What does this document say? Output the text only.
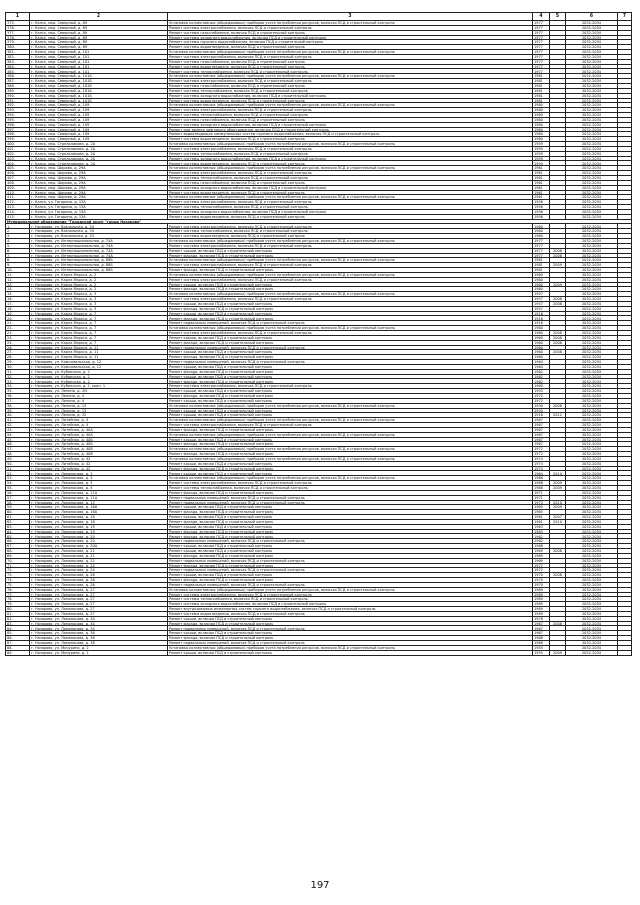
1	2	3	4	5	6	7
375.	г. Канск, мкр. Северный, д. 89	Установка коллективных (общедомовых) приборов учета потребления ресурсов, включая ПСД и строительный контроль	1977		2032-2034	
376.	г. Канск, мкр. Северный, д. 89	Ремонт системы электроснабжения, включая ПСД и строительный контроль	1977		2032-2034	
377.	г. Канск, мкр. Северный, д. 89	Ремонт системы газоснабжения, включая ПСД и строительный контроль	1977		2032-2034	
378.	г. Канск, мкр. Северный, д. 89	Ремонт системы холодного водоснабжения, включая ПСД и строительный контроль	1977		2032-2034	
379.	г. Канск, мкр. Северный, д. 89	Ремонт системы горячего водоснабжения, включая ПСД и строительный контроль	1977		2032-2034	
380.	г. Канск, мкр. Северный, д. 89	Ремонт системы водоотведения, включая ПСД и строительный контроль	1977		2032-2034	
381.	г. Канск, мкр. Северный, д. 101	Установка коллективных (общедомовых) приборов учета потребления ресурсов, включая ПСД и строительный контроль	1977		2032-2034	
382.	г. Канск, мкр. Северный, д. 101	Ремонт системы электроснабжения, включая ПСД и строительный контроль	1977		2032-2034	
383.	г. Канск, мкр. Северный, д. 101	Ремонт системы газоснабжения, включая ПСД и строительный контроль	1977		2032-2034	
384.	г. Канск, мкр. Северный, д. 101	Ремонт системы водоотведения, включая ПСД и строительный контроль	1977		2032-2034	
385.	г. Канск, мкр. Северный, д. 101	Ремонт системы теплоснабжения, включая ПСД и строительный контроль	1977		2032-2034	
386.	г. Канск, мкр. Северный, д. 101Б	Установка коллективных (общедомовых) приборов учета потребления ресурсов, включая ПСД и строительный контроль	1981		2032-2034	
387.	г. Канск, мкр. Северный, д. 101Б	Ремонт системы электроснабжения, включая ПСД и строительный контроль	1981		2032-2034	
388.	г. Канск, мкр. Северный, д. 101Б	Ремонт системы газоснабжения, включая ПСД и строительный контроль	1981		2032-2034	
389.	г. Канск, мкр. Северный, д. 101Б	Ремонт системы теплоснабжения, включая ПСД и строительный контроль	1981		2032-2034	
390.	г. Канск, мкр. Северный, д. 101Б	Ремонт системы холодного водоснабжения, включая ПСД и строительный контроль	1981		2032-2034	
391.	г. Канск, мкр. Северный, д. 101Б	Ремонт системы водоотведения, включая ПСД и строительный контроль	1981		2032-2034	
392.	г. Канск, мкр. Северный, д. 109	Установка коллективных (общедомовых) приборов учета потребления ресурсов, включая ПСД и строительный контроль	1980		2032-2034	
393.	г. Канск, мкр. Северный, д. 109	Ремонт системы электроснабжения, включая ПСД и строительный контроль	1980		2032-2034	
394.	г. Канск, мкр. Северный, д. 109	Ремонт системы теплоснабжения, включая ПСД и строительный контроль	1980		2032-2034	
395.	г. Канск, мкр. Северный, д. 109	Ремонт системы газоснабжения, включая ПСД и строительный контроль	1980		2032-2034	
396.	г. Канск, мкр. Северный, д. 109	Ремонт системы холодного водоснабжения, включая ПСД и строительный контроль	1980		2032-2034	
397.	г. Канск, мкр. Северный, д. 109	Ремонт или замена лифтового оборудования, включая ПСД и строительный контроль	1980		2032-2034	
398.	г. Канск, мкр. Северный, д. 109	Ремонт водоотводящих коммунальных систем горячего водоснабжения, включая ПСД и строительный контроль	1980		2032-2034	
399.	г. Канск, мкр. Северный, д. 109	Ремонт системы водоотведения, включая ПСД и строительный контроль	1980		2032-2034	
400.	г. Канск, мкр. Стрельникова, д. 2А	Установка коллективных (общедомовых) приборов учета потребления ресурсов, включая ПСД и строительный контроль	1959		2032-2034	
401.	г. Канск, мкр. Стрельникова, д. 2А	Ремонт системы электроснабжения, включая ПСД и строительный контроль	1959		2032-2034	
402.	г. Канск, мкр. Стрельникова, д. 2А	Ремонт системы теплоснабжения, включая ПСД и строительный контроль	1959		2032-2034	
403.	г. Канск, мкр. Стрельникова, д. 2А	Ремонт системы холодного водоснабжения, включая ПСД и строительный контроль	1959		2032-2034	
404.	г. Канск, мкр. Стрельникова, д. 2А	Ремонт системы водоотведения, включая ПСД и строительный контроль	1959		2032-2034	
405.	г. Канск, мкр. Шарова, д. 29А	Установка коллективных (общедомовых) приборов учета потребления ресурсов, включая ПСД и строительный контроль	1961		2032-2034	
406.	г. Канск, мкр. Шарова, д. 29А	Ремонт системы электроснабжения, включая ПСД и строительный контроль	1961		2032-2034	
407.	г. Канск, мкр. Шарова, д. 29А	Ремонт системы теплоснабжения, включая ПСД и строительный контроль	1961		2032-2034	
408.	г. Канск, мкр. Шарова, д. 29А	Ремонт системы газоснабжения, включая ПСД и строительный контроль	1961		2032-2034	
409.	г. Канск, мкр. Шарова, д. 29А	Ремонт системы холодного водоснабжения, включая ПСД и строительный контроль	1961		2032-2034	
410.	г. Канск, мкр. Шарова, д. 29А	Ремонт системы водоотведения, включая ПСД и строительный контроль	1961		2032-2034	
411.	г. Канск, мкр. Шарова, д. 29А	Установка коллективных (общедомовых) приборов учета потребления ресурсов, включая ПСД и строительный контроль	1961		2032-2034	
412.	г. Канск, ул. Гагарина, д. 13А	Ремонт системы электроснабжения, включая ПСД и строительный контроль	1956		2032-2034	
413.	г. Канск, ул. Гагарина, д. 13А	Ремонт системы теплоснабжения, включая ПСД и строительный контроль	1956		2032-2034	
414.	г. Канск, ул. Гагарина, д. 13А	Ремонт системы холодного водоснабжения, включая ПСД и строительный контроль	1956		2032-2034	
415.	г. Канск, ул. Гагарина, д. 13А	Ремонт системы водоотведения, включая ПСД и строительный контроль	1956		2032-2034	
Муниципальное образование "Городской округ "город Назарово"						
1.	г. Назарово, ул. Вокзальная, д. 54	Ремонт системы электроснабжения, включая ПСД и строительный контроль	1960		2032-2034	
2.	г. Назарово, ул. Вокзальная, д. 54	Ремонт системы теплоснабжения, включая ПСД и строительный контроль	1960		2032-2034	
3.	г. Назарово, ул. Вокзальная, д. 54	Ремонт системы водоотведения, включая ПСД и строительный контроль	1960		2032-2034	
4.	г. Назарово, ул. Интернациональная, д. 74А	Установка коллективных (общедомовых) приборов учета потребления ресурсов, включая ПСД и строительный контроль	1977		2032-2034	
5.	г. Назарово, ул. Интернациональная, д. 74А	Ремонт системы электроснабжения, включая ПСД и строительный контроль	1977		2032-2034	
6.	г. Назарово, ул. Интернациональная, д. 74А	Ремонт крыши, включая ПСД и строительный контроль	1977	2008	2032-2034	
7.	г. Назарово, ул. Интернациональная, д. 74А	Ремонт фасада, включая ПСД и строительный контроль	1977	2008	2032-2034	
8.	г. Назарово, ул. Интернациональная, д. 88Б	Установка коллективных (общедомовых) приборов учета потребления ресурсов, включая ПСД и строительный контроль	1981		2032-2034	
9.	г. Назарово, ул. Интернациональная, д. 88Б	Ремонт системы электроснабжения, включая ПСД и строительный контроль	1981	2009	2032-2034	
10.	г. Назарово, ул. Интернациональная, д. 88Б	Ремонт фасада, включая ПСД и строительный контроль	1981		2032-2034	
11.	г. Назарово, ул. Карла Маркса, д. 2	Установка коллективных (общедомовых) приборов учета потребления ресурсов, включая ПСД и строительный контроль	1960		2032-2034	
12.	г. Назарово, ул. Карла Маркса, д. 2	Ремонт системы электроснабжения, включая ПСД и строительный контроль	1960		2032-2034	
13.	г. Назарово, ул. Карла Маркса, д. 2	Ремонт крыши, включая ПСД и строительный контроль	1960	2009	2032-2034	
14.	г. Назарово, ул. Карла Маркса, д. 2	Ремонт фасада, включая ПСД и строительный контроль	1960		2032-2034	
15.	г. Назарово, ул. Карла Маркса, д. 3	Установка коллективных (общедомовых) приборов учета потребления ресурсов, включая ПСД и строительный контроль	1957		2032-2034	
16.	г. Назарово, ул. Карла Маркса, д. 3	Ремонт системы электроснабжения, включая ПСД и строительный контроль	1957	2008	2032-2034	
17.	г. Назарово, ул. Карла Маркса, д. 3	Ремонт крыши, включая ПСД и строительный контроль	1957	2008	2032-2034	
18.	г. Назарово, ул. Карла Маркса, д. 3	Ремонт фасада, включая ПСД и строительный контроль	1957		2032-2034	
19.	г. Назарово, ул. Карла Маркса, д. 7	Ремонт крыши, включая ПСД и строительный контроль	1916		2032-2034	
20.	г. Назарово, ул. Карла Маркса, д. 7	Ремонт фасада, включая ПСД и строительный контроль	1916		2032-2034	
21.	г. Назарово, ул. Карла Маркса, д. 7	Ремонт подвальных помещений, включая ПСД и строительный контроль	1916		2032-2034	
22.	г. Назарово, ул. Карла Маркса, д. 7	Установка коллективных (общедомовых) приборов учета потребления ресурсов, включая ПСД и строительный контроль	1960		2032-2034	
23.	г. Назарово, ул. Карла Маркса, д. 7	Ремонт системы электроснабжения, включая ПСД и строительный контроль	1960	2008	2032-2034	
24.	г. Назарово, ул. Карла Маркса, д. 7	Ремонт крыши, включая ПСД и строительный контроль	1960	2008	2032-2034	
25.	г. Назарово, ул. Карла Маркса, д. 7	Ремонт фасада, включая ПСД и строительный контроль	1960	2008	2032-2034	
26.	г. Назарово, ул. Карла Маркса, д. 11	Ремонт подвальных помещений, включая ПСД и строительный контроль	1960		2032-2034	
27.	г. Назарово, ул. Карла Маркса, д. 11	Ремонт крыши, включая ПСД и строительный контроль	1960	2008	2032-2034	
28.	г. Назарово, ул. Карла Маркса, д. 11	Ремонт фасада, включая ПСД и строительный контроль	1960		2032-2034	
29.	г. Назарово, ул. Комсомольская, д. 12	Ремонт подвальных помещений, включая ПСД и строительный контроль	1964		2032-2034	
30.	г. Назарово, ул. Комсомольская, д. 12	Ремонт крыши, включая ПСД и строительный контроль	1964		2032-2034	
31.	г. Назарово, ул. Кубанская, д. 2	Ремонт фасада, включая ПСД и строительный контроль	1962		2032-2034	
32.	г. Назарово, ул. Кубанская, д. 2	Ремонт крыши, включая ПСД и строительный контроль	1962		2032-2034	
33.	г. Назарово, ул. Кубанская, д. 2	Ремонт фасада, включая ПСД и строительный контроль	1962		2032-2034	
34.	г. Назарово, ул. Кубанская, д. 2, корп. 1	Ремонт системы электроснабжения, включая ПСД и строительный контроль	1960		2032-2034	
35.	г. Назарово, ул. Ленина, д. 3/5	Ремонт крыши, включая ПСД и строительный контроль	1955		2032-2034	
36.	г. Назарово, ул. Ленина, д. 4	Ремонт фасада, включая ПСД и строительный контроль	1972		2032-2034	
37.	г. Назарово, ул. Ленина, д. 4	Ремонт крыши, включая ПСД и строительный контроль	1972		2032-2034	
38.	г. Назарово, ул. Ленина, д. 13	Установка коллективных (общедомовых) приборов учета потребления ресурсов, включая ПСД и строительный контроль	1930	2008	2032-2034	
39.	г. Назарово, ул. Ленина, д. 13	Ремонт крыши, включая ПСД и строительный контроль	1930		2032-2034	
40.	г. Назарово, ул. Ленина, д. 32	Ремонт крыши, включая ПСД и строительный контроль	1918	2012	2032-2034	
41.	г. Назарово, ул. Литейная, д. 4	Установка коллективных (общедомовых) приборов учета потребления ресурсов, включая ПСД и строительный контроль	1967		2032-2034	
42.	г. Назарово, ул. Литейная, д. 4	Ремонт системы электроснабжения, включая ПСД и строительный контроль	1967		2032-2034	
43.	г. Назарово, ул. Литейная, д. 40А	Ремонт фасада, включая ПСД и строительный контроль	1967		2032-2034	
44.	г. Назарово, ул. Литейная, д. 40А	Установка коллективных (общедомовых) приборов учета потребления ресурсов, включая ПСД и строительный контроль	1967		2032-2034	
45.	г. Назарово, ул. Литейная, д. 40Б	Ремонт крыши, включая ПСД и строительный контроль	1967		2032-2034	
46.	г. Назарово, ул. Литейная, д. 40Б	Ремонт фасада, включая ПСД и строительный контроль	1967		2032-2034	
47.	г. Назарово, ул. Литейная, д. 40В	Установка коллективных (общедомовых) приборов учета потребления ресурсов, включая ПСД и строительный контроль	1972		2032-2034	
48.	г. Назарово, ул. Литейная, д. 40В	Ремонт фасада, включая ПСД и строительный контроль	1972		2032-2034	
49.	г. Назарово, ул. Литейная, д. 42	Установка коллективных (общедомовых) приборов учета потребления ресурсов, включая ПСД и строительный контроль	1974		2032-2034	
50.	г. Назарово, ул. Литейная, д. 42	Ремонт крыши, включая ПСД и строительный контроль	1974		2032-2034	
51.	г. Назарово, ул. Литейная, д. 42	Ремонт фасада, включая ПСД и строительный контроль	1974		2032-2034	
52.	г. Назарово, ул. Ломоносова, д. 3	Ремонт крыши, включая ПСД и строительный контроль	1964	2010	2032-2034	
53.	г. Назарово, ул. Ломоносова, д. 5	Установка коллективных (общедомовых) приборов учета потребления ресурсов, включая ПСД и строительный контроль	1968		2032-2034	
54.	г. Назарово, ул. Ломоносова, д. 5	Ремонт системы электроснабжения, включая ПСД и строительный контроль	1968	2009	2032-2034	
55.	г. Назарово, ул. Ломоносова, д. 5	Ремонт системы теплоснабжения, включая ПСД и строительный контроль	1968	2009	2032-2034	
56.	г. Назарово, ул. Ломоносова, д. 11А	Ремонт фасада, включая ПСД и строительный контроль	1971		2032-2034	
57.	г. Назарово, ул. Ломоносова, д. 11А	Ремонт подвальных помещений, включая ПСД и строительный контроль	1971		2032-2034	
58.	г. Назарово, ул. Ломоносова, д. 12	Ремонт подвальных помещений, включая ПСД и строительный контроль	1973	2010	2032-2034	
59.	г. Назарово, ул. Ломоносова, д. 16А	Ремонт крыши, включая ПСД и строительный контроль	1965	2009	2032-2034	
60.	г. Назарово, ул. Ломоносова, д. 16А	Ремонт фасада, включая ПСД и строительный контроль	1965		2032-2034	
61.	г. Назарово, ул. Ломоносова, д. 18	Ремонт крыши, включая ПСД и строительный контроль	1961	2007	2032-2034	
62.	г. Назарово, ул. Ломоносова, д. 18	Ремонт фасада, включая ПСД и строительный контроль	1961	2010	2032-2034	
63.	г. Назарово, ул. Ломоносова, д. 19	Ремонт крыши, включая ПСД и строительный контроль	1963		2032-2034	
64.	г. Назарово, ул. Ломоносова, д. 19	Ремонт фасада, включая ПСД и строительный контроль	1963		2032-2034	
65.	г. Назарово, ул. Ломоносова, д. 20	Ремонт фасада, включая ПСД и строительный контроль	1962		2032-2034	
66.	г. Назарово, ул. Ломоносова, д. 20	Ремонт подвальных помещений, включая ПСД и строительный контроль	1962		2032-2034	
67.	г. Назарово, ул. Ломоносова, д. 20А	Ремонт крыши, включая ПСД и строительный контроль	1968		2032-2034	
68.	г. Назарово, ул. Ломоносова, д. 21	Ремонт крыши, включая ПСД и строительный контроль	1969	2008	2032-2034	
69.	г. Назарово, ул. Ломоносова, д. 21	Ремонт фасада, включая ПСД и строительный контроль	1969		2032-2034	
70.	г. Назарово, ул. Ломоносова, д. 22	Ремонт подвальных помещений, включая ПСД и строительный контроль	1969		2032-2034	
71.	г. Назарово, ул. Ломоносова, д. 24	Ремонт фасада, включая ПСД и строительный контроль	1972		2032-2034	
72.	г. Назарово, ул. Ломоносова, д. 24	Ремонт подвальных помещений, включая ПСД и строительный контроль	1972		2032-2034	
73.	г. Назарово, ул. Ломоносова, д. 26	Ремонт крыши, включая ПСД и строительный контроль	1970	2008	2032-2034	
74.	г. Назарово, ул. Ломоносова, д. 26	Ремонт фасада, включая ПСД и строительный контроль	1970		2032-2034	
75.	г. Назарово, ул. Ломоносова, д. 26	Ремонт подвальных помещений, включая ПСД и строительный контроль	1970		2032-2034	
76.	г. Назарово, ул. Ломоносова, д. 27	Установка коллективных (общедомовых) приборов учета потребления ресурсов, включая ПСД и строительный контроль	1989		2032-2034	
77.	г. Назарово, ул. Ломоносова, д. 27	Ремонт системы электроснабжения, включая ПСД и строительный контроль	1989		2032-2034	
78.	г. Назарово, ул. Ломоносова, д. 27	Ремонт системы теплоснабжения, включая ПСД и строительный контроль	1989		2032-2034	
79.	г. Назарово, ул. Ломоносова, д. 27	Ремонт системы холодного водоснабжения, включая ПСД и строительный контроль	1989		2032-2034	
80.	г. Назарово, ул. Ломоносова, д. 27	Ремонт внутридомовых инженерных систем горячего водоснабжения, включая ПСД и строительный контроль	1989		2032-2034	
81.	г. Назарово, ул. Ломоносова, д. 27	Ремонт системы водоотведения, включая ПСД и строительный контроль	1989		2032-2034	
82.	г. Назарово, ул. Ломоносова, д. 30	Ремонт крыши, включая ПСД и строительный контроль	1978		2032-2034	
83.	г. Назарово, ул. Ломоносова, д. 34	Ремонт фасада, включая ПСД и строительный контроль	1967	2008	2032-2034	
84.	г. Назарово, ул. Ломоносова, д. 34	Ремонт подвальных помещений, включая ПСД и строительный контроль	1967		2032-2034	
85.	г. Назарово, ул. Ломоносова, д. 36	Ремонт крыши, включая ПСД и строительный контроль	1967		2032-2034	
86.	г. Назарово, ул. Ломоносова, д. 36	Ремонт фасада, включая ПСД и строительный контроль	1968		2032-2034	
87.	г. Назарово, ул. Ломоносова, д. 38	Ремонт подвальных помещений, включая ПСД и строительный контроль	1968		2032-2034	
88.	г. Назарово, ул. Мичурина, д. 2	Установка коллективных (общедомовых) приборов учета потребления ресурсов, включая ПСД и строительный контроль	1955		2032-2034	
89.	г. Назарово, ул. Мичурина, д. 2	Ремонт крыши, включая ПСД и строительный контроль	1955	2009	2032-2034	
197
